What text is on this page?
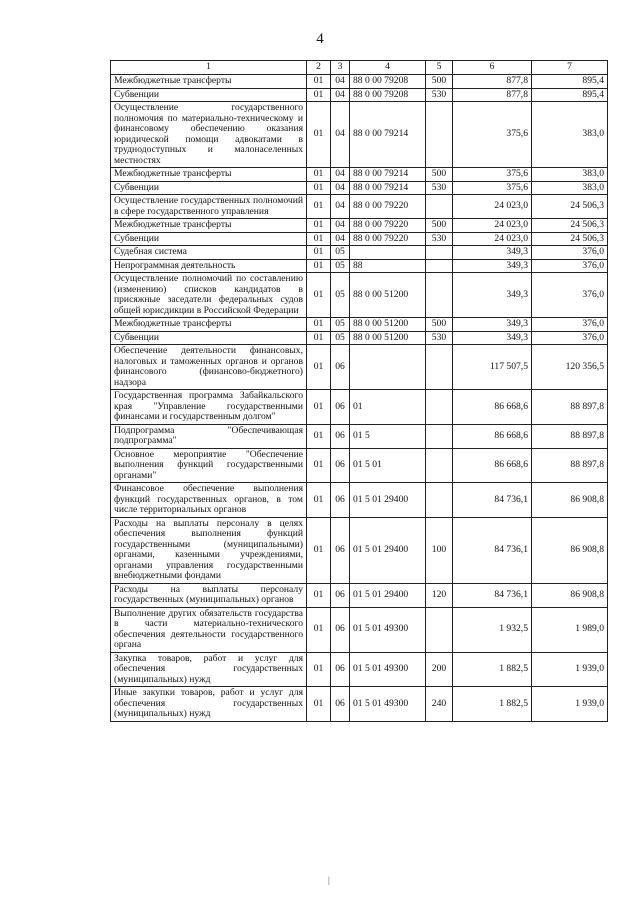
4
1	2	3	4	5	6	7
Межбюджетные трансферты	01	04	88 0 00 79208	500	877,8	895,4
Субвенции	01	04	88 0 00 79208	530	877,8	895,4
Осуществление государственного полномочия по материально-техническому и финансовому обеспечению оказания юридической помощи адвокатами в труднодоступных и малонаселенных местностях	01	04	88 0 00 79214		375,6	383,0
Межбюджетные трансферты	01	04	88 0 00 79214	500	375,6	383,0
Субвенции	01	04	88 0 00 79214	530	375,6	383,0
Осуществление государственных полномочий в сфере государственного управления	01	04	88 0 00 79220		24 023,0	24 506,3
Межбюджетные трансферты	01	04	88 0 00 79220	500	24 023,0	24 506,3
Субвенции	01	04	88 0 00 79220	530	24 023,0	24 506,3
Судебная система	01	05			349,3	376,0
Непрограммная деятельность	01	05	88		349,3	376,0
Осуществление полномочий по составлению (изменению) списков кандидатов в присяжные заседатели федеральных судов общей юрисдикции в Российской Федерации	01	05	88 0 00 51200		349,3	376,0
Межбюджетные трансферты	01	05	88 0 00 51200	500	349,3	376,0
Субвенции	01	05	88 0 00 51200	530	349,3	376,0
Обеспечение деятельности финансовых, налоговых и таможенных органов и органов финансового (финансово-бюджетного) надзора	01	06			117 507,5	120 356,5
Государственная программа Забайкальского края "Управление государственными финансами и государственным долгом"	01	06	01		86 668,6	88 897,8
Подпрограмма "Обеспечивающая подпрограмма"	01	06	01 5		86 668,6	88 897,8
Основное мероприятие "Обеспечение выполнения функций государственными органами"	01	06	01 5 01		86 668,6	88 897,8
Финансовое обеспечение выполнения функций государственных органов, в том числе территориальных органов	01	06	01 5 01 29400		84 736,1	86 908,8
Расходы на выплаты персоналу в целях обеспечения выполнения функций государственными (муниципальными) органами, казенными учреждениями, органами управления государственными внебюджетными фондами	01	06	01 5 01 29400	100	84 736,1	86 908,8
Расходы на выплаты персоналу государственных (муниципальных) органов	01	06	01 5 01 29400	120	84 736,1	86 908,8
Выполнение других обязательств государства в части материально-технического обеспечения деятельности государственного органа	01	06	01 5 01 49300		1 932,5	1 989,0
Закупка товаров, работ и услуг для обеспечения государственных (муниципальных) нужд	01	06	01 5 01 49300	200	1 882,5	1 939,0
Иные закупки товаров, работ и услуг для обеспечения государственных (муниципальных) нужд	01	06	01 5 01 49300	240	1 882,5	1 939,0
|
